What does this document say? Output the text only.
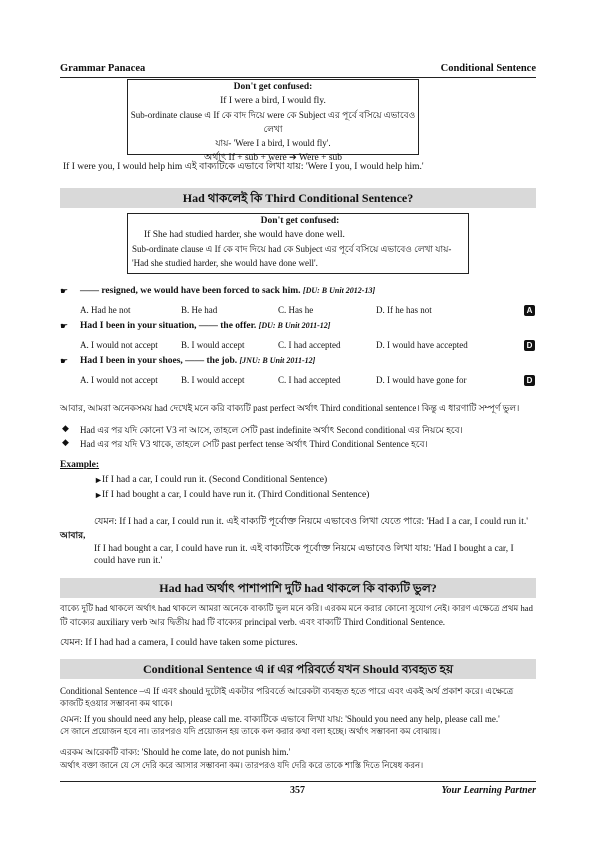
Grammar Panacea	Conditional Sentence
Don't get confused:
If I were a bird, I would fly.
Sub-ordinate clause এ If কে বাদ দিয়ে were কে Subject এর পূর্বে বসিয়ে এভাবেও লেখা
যায়- 'Were I a bird, I would fly'.
অর্থাৎ If + sub + were ➔ Were + sub
If I were you, I would help him এই বাক্যটিকে এভাবে লিখা যায়: 'Were I you, I would help him.'
Had থাকলেই কি Third Conditional Sentence?
Don't get confused:
If She had studied harder, she would have done well.
Sub-ordinate clause এ If কে বাদ দিয়ে had কে Subject এর পূর্বে বসিয়ে এভাবেও লেখা যায়-
'Had she studied harder, she would have done well'.
☛ —— resigned, we would have been forced to sack him. [DU: B Unit 2012-13]
A. Had he not	B. He had	C. Has he	D. If he has not	A
☛ Had I been in your situation, —— the offer. [DU: B Unit 2011-12]
A. I would not accept	B. I would accept	C. I had accepted	D. I would have accepted	D
☛ Had I been in your shoes, —— the job. [JNU: B Unit 2011-12]
A. I would not accept	B. I would accept	C. I had accepted	D. I would have gone for	D
আবার, আমরা অনেকসময় had দেখেই মনে করি বাক্যটি past perfect অর্থাৎ Third conditional sentence। কিন্তু এ ধারণাটি সম্পূর্ণ ভুল।
◆ Had এর পর যদি কোনো V3 না আসে, তাহলে সেটি past indefinite অর্থাৎ Second conditional এর নিয়মে হবে।
◆ Had এর পর যদি V3 থাকে, তাহলে সেটি past perfect tense অর্থাৎ Third Conditional Sentence হবে।
Example:
► If I had a car, I could run it. (Second Conditional Sentence)
► If I had bought a car, I could have run it. (Third Conditional Sentence)
যেমন: If I had a car, I could run it. এই বাক্যটি পূর্বোক্ত নিয়মে এভাবেও লিখা যেতে পারে: 'Had I a car, I could run it.'
আবার,
If I had bought a car, I could have run it. এই বাক্যটিকে পূর্বোক্ত নিয়মে এভাবেও লিখা যায়: 'Had I bought a car, I
could have run it.'
Had had অর্থাৎ পাশাপাশি দুটি had থাকলে কি বাক্যটি ভুল?
বাক্যে দুটি had থাকলে অর্থাৎ had থাকলে আমরা অনেকে বাক্যটি ভুল মনে করি। এরকম মনে করার কোনো সুযোগ নেই। কারণ এক্ষেত্রে প্রথম had
টি বাক্যের auxiliary verb আর দ্বিতীয় had টি বাক্যের principal verb. এবং বাক্যটি Third Conditional Sentence.
যেমন: If I had had a camera, I could have taken some pictures.
Conditional Sentence এ if এর পরিবর্তে যখন Should ব্যবহৃত হয়
Conditional Sentence –এ If এবং should দুটোই একটার পরিবর্তে আরেকটা ব্যবহৃত হতে পারে এবং একই অর্থ প্রকাশ করে। এক্ষেত্রে
কাজটি হওয়ার সম্ভাবনা কম থাকে।
যেমন: If you should need any help, please call me. বাক্যটিকে এভাবে লিখা যায়: 'Should you need any help, please call me.'
সে জানে প্রয়োজন হবে না। তারপরও যদি প্রয়োজন হয় তাকে কল করার কথা বলা হচ্ছে। অর্থাৎ সম্ভাবনা কম বোঝায়।
এরকম আরেকটি বাক্য: 'Should he come late, do not punish him.'
অর্থাৎ বক্তা জানে যে সে দেরি করে আসার সম্ভাবনা কম। তারপরও যদি দেরি করে তাকে শাস্তি দিতে নিষেধ করন।
357	Your Learning Partner
